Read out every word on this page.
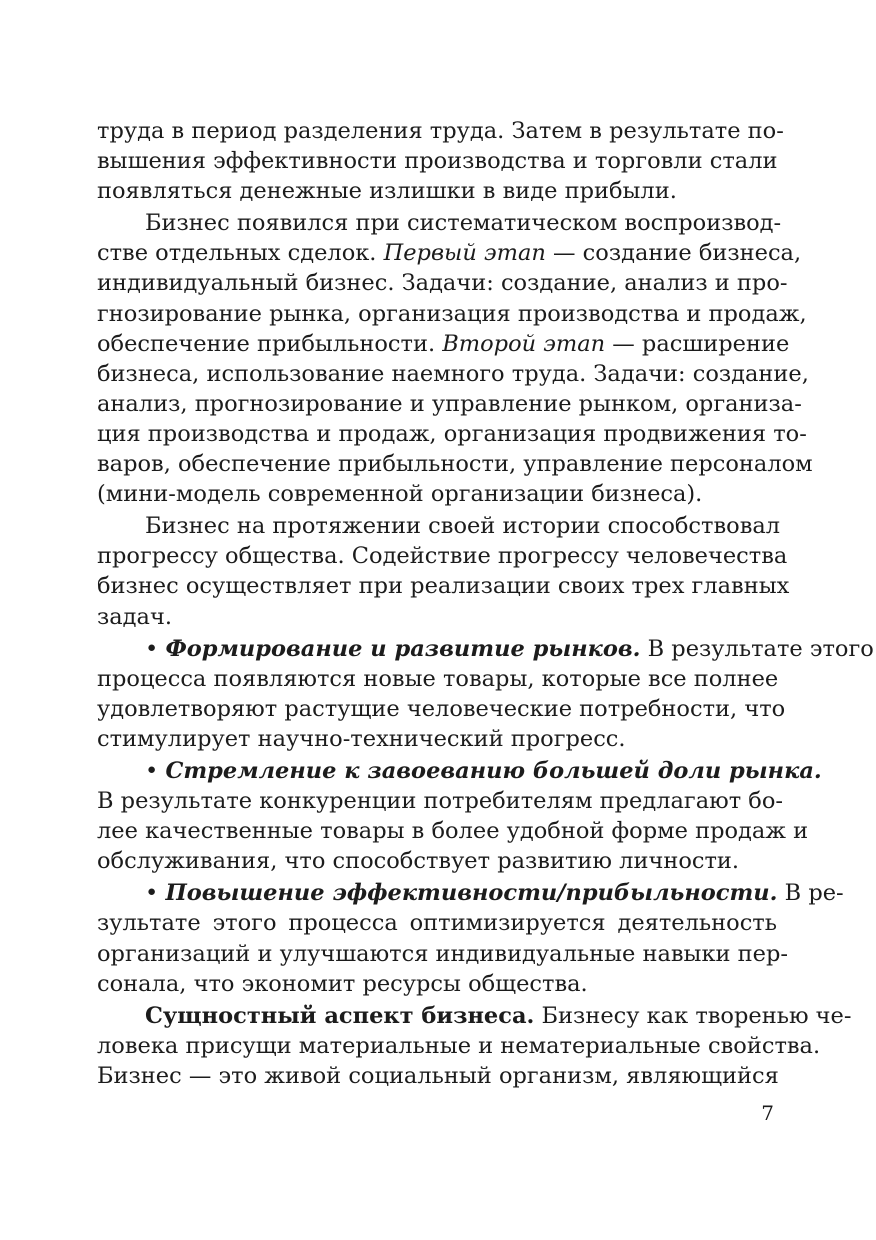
труда в период разделения труда. Затем в результате по-
вышения эффективности производства и торговли стали
появляться денежные излишки в виде прибыли.
Бизнес появился при систематическом воспроизвод-
стве отдельных сделок. Первый этап — создание бизнеса,
индивидуальный бизнес. Задачи: создание, анализ и про-
гнозирование рынка, организация производства и продаж,
обеспечение прибыльности. Второй этап — расширение
бизнеса, использование наемного труда. Задачи: создание,
анализ, прогнозирование и управление рынком, организа-
ция производства и продаж, организация продвижения то-
варов, обеспечение прибыльности, управление персоналом
(мини-модель современной организации бизнеса).
Бизнес на протяжении своей истории способствовал
прогрессу общества. Содействие прогрессу человечества
бизнес осуществляет при реализации своих трех главных
задач.
• Формирование и развитие рынков. В результате этого
процесса появляются новые товары, которые все полнее
удовлетворяют растущие человеческие потребности, что
стимулирует научно-технический прогресс.
• Стремление к завоеванию большей доли рынка.
В результате конкуренции потребителям предлагают бо-
лее качественные товары в более удобной форме продаж и
обслуживания, что способствует развитию личности.
• Повышение эффективности/прибыльности. В ре-
зультате этого процесса оптимизируется деятельность
организаций и улучшаются индивидуальные навыки пер-
сонала, что экономит ресурсы общества.
Сущностный аспект бизнеса. Бизнесу как творенью че-
ловека присущи материальные и нематериальные свойства.
Бизнес — это живой социальный организм, являющийся
7
